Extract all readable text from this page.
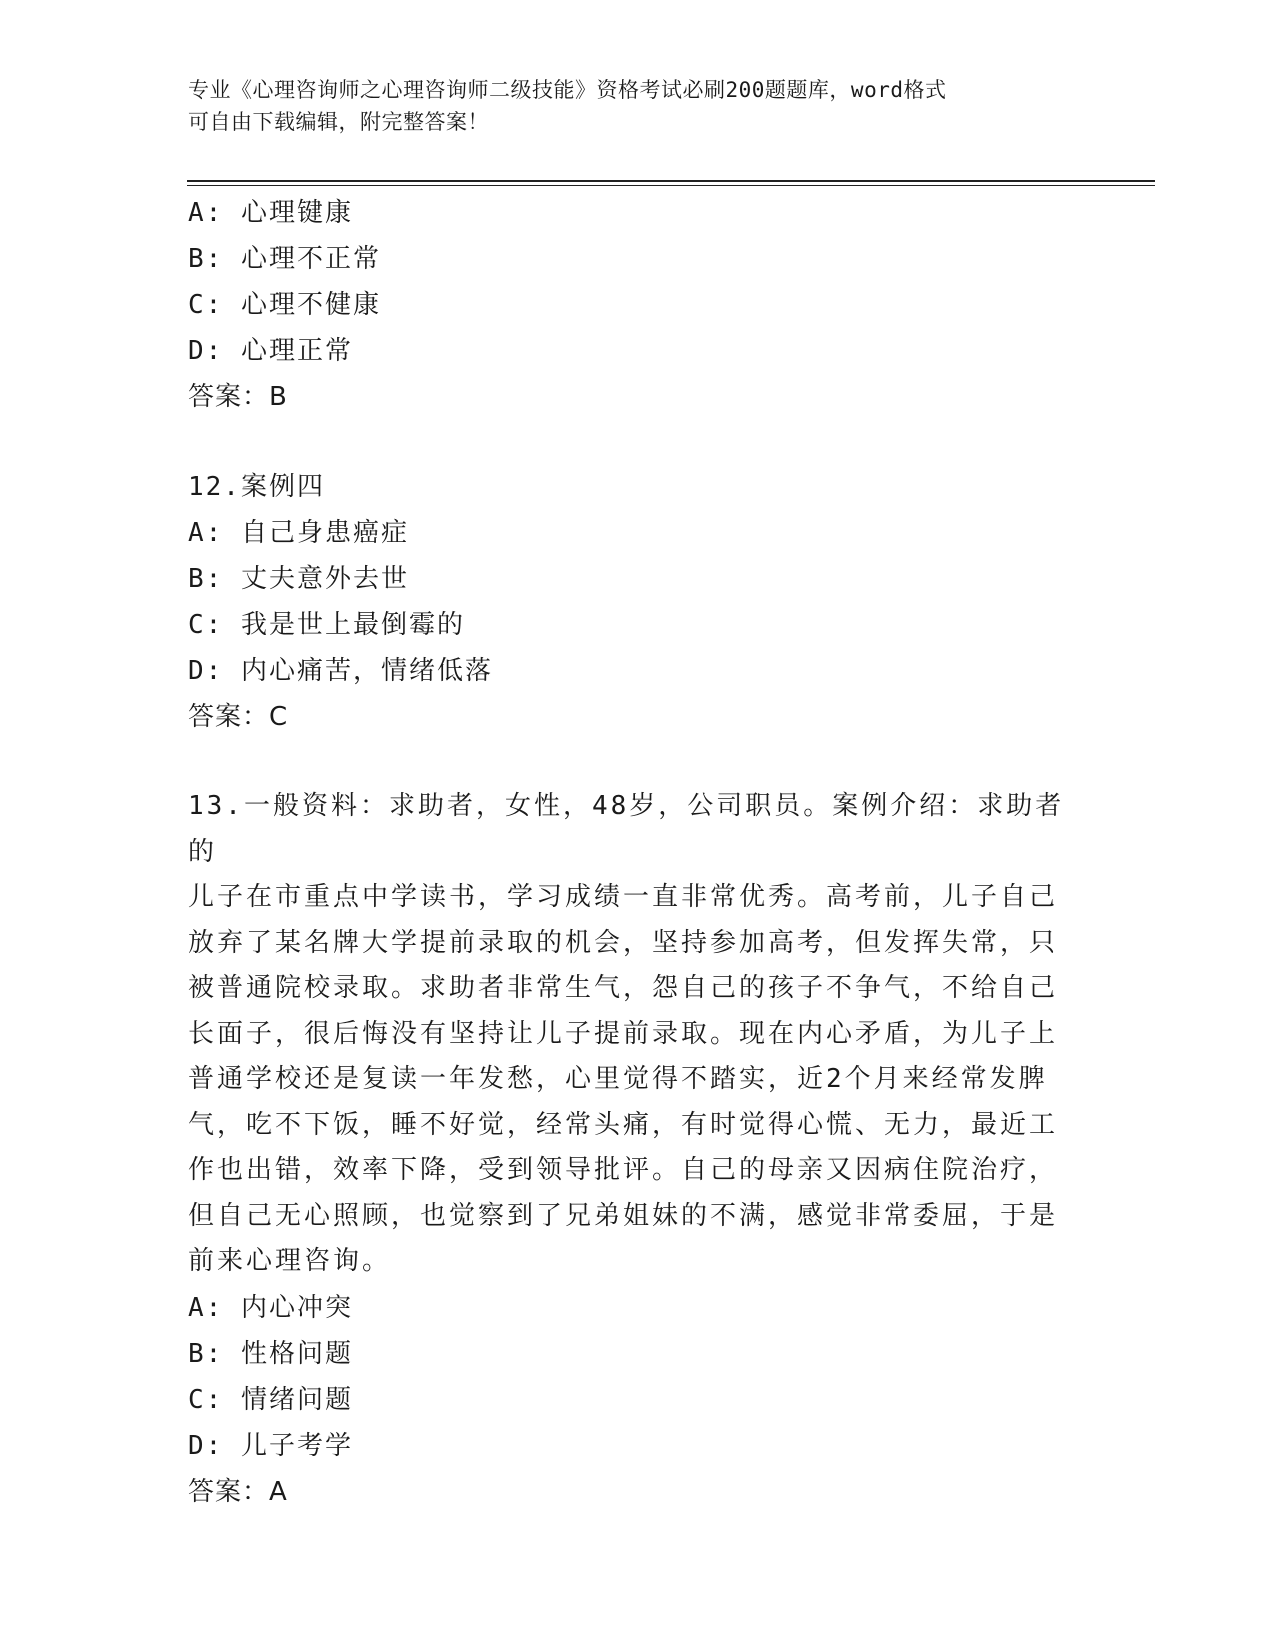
专业《心理咨询师之心理咨询师二级技能》资格考试必刷200题题库，word格式
可自由下载编辑，附完整答案！
A: 心理键康
B: 心理不正常
C: 心理不健康
D: 心理正常
答案：B
12.案例四
A: 自己身患癌症
B: 丈夫意外去世
C: 我是世上最倒霉的
D: 内心痛苦，情绪低落
答案：C
13.一般资料：求助者，女性，48岁，公司职员。案例介绍：求助者的
儿子在市重点中学读书，学习成绩一直非常优秀。高考前，儿子自己
放弃了某名牌大学提前录取的机会，坚持参加高考，但发挥失常，只
被普通院校录取。求助者非常生气，怨自己的孩子不争气，不给自己
长面子，很后悔没有坚持让儿子提前录取。现在内心矛盾，为儿子上
普通学校还是复读一年发愁，心里觉得不踏实，近2个月来经常发脾
气，吃不下饭，睡不好觉，经常头痛，有时觉得心慌、无力，最近工
作也出错，效率下降，受到领导批评。自己的母亲又因病住院治疗，
但自己无心照顾，也觉察到了兄弟姐妹的不满，感觉非常委屈，于是
前来心理咨询。
A: 内心冲突
B: 性格问题
C: 情绪问题
D: 儿子考学
答案：A
